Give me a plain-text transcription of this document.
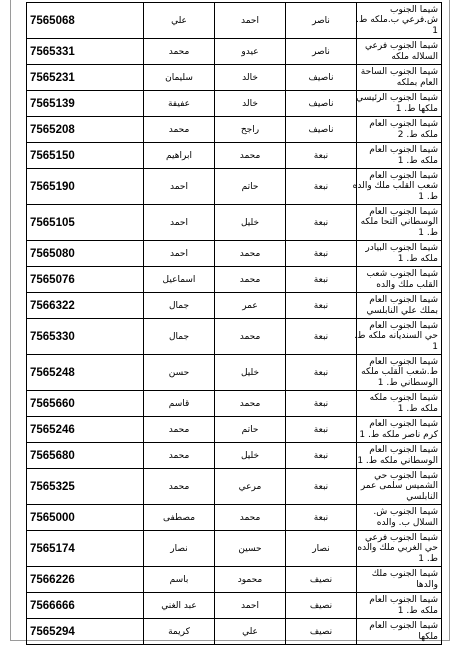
7565068	علي	احمد	ناصر	شيما الجنوب
ش.فرعي ب.ملكه ط.
1

7565331	محمد	عيدو	ناصر	شيما الجنوب فرعي
السلاله ملكه

7565231	سليمان	خالد	ناصيف	شيما الجنوب الساحة
العام بملكه

7565139	عفيفة	خالد	ناصيف	شيما الجنوب الرئيسي
ملكها ط. 1

7565208	محمد	راجح	ناصيف	شيما الجنوب العام
ملكه ط. 2

7565150	ابراهيم	محمد	نبعة	شيما الجنوب العام
ملكه ط. 1

7565190	احمد	حاتم	نبعة	شيما الجنوب العام
شعب القلب ملك والده
ط. 1

7565105	احمد	خليل	نبعة	شيما الجنوب العام
الوسطاني التحا ملكه
ط. 1

7565080	احمد	محمد	نبعة	شيما الجنوب البيادر
ملكه ط. 1

7565076	اسماعيل	محمد	نبعة	شيما الجنوب شعب
القلب ملك والده

7566322	جمال	عمر	نبعة	شيما الجنوب العام
بملك علي النابلسي

7565330	جمال	محمد	نبعة	شيما الجنوب العام
حي السنديانه ملكه ط.
1

7565248	حسن	خليل	نبعة	شيما الجنوب العام
ط.شعب القلب ملكه
الوسطاني ط. 1

7565660	قاسم	محمد	نبعة	شيما الجنوب ملكه
ملكه ط. 1

7565246	محمد	حاتم	نبعة	شيما الجنوب العام
كرم ناصر ملكه ط. 1

7565680	محمد	خليل	نبعة	شيما الجنوب العام
الوسطاني ملكه ط. 1

7565325	محمد	مرعي	نبعة	شيما الجنوب حي
الشميس سلمى عمر
النابلسي

7565000	مصطفى	محمد	نبعة	شيما الجنوب ش.
السلال ب. والده

7565174	نصار	حسين	نصار	شيما الجنوب فرعي
حي الغربي ملك والده
ط. 1

7566226	باسم	محمود	نصيف	شيما الجنوب ملك
والدها

7566666	عبد الغني	احمد	نصيف	شيما الجنوب العام
ملكه ط. 1

7565294	كريمة	علي	نصيف	شيما الجنوب العام
ملكها
